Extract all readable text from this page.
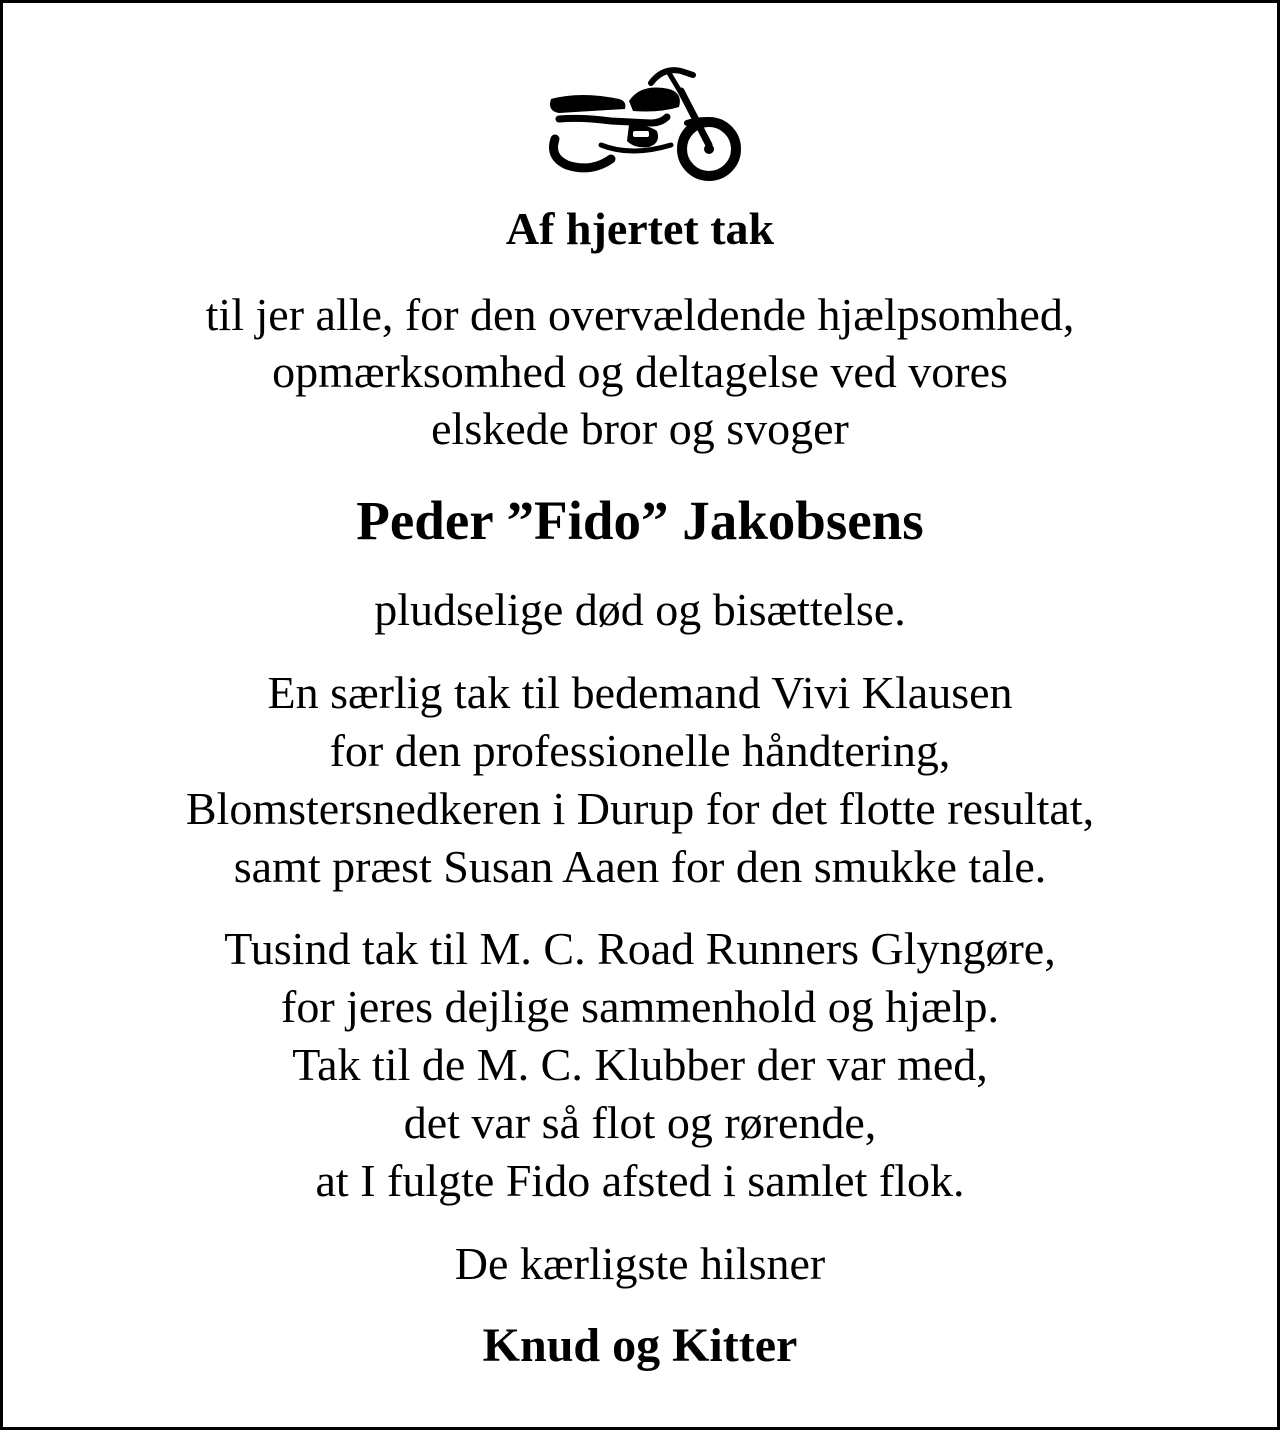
Af hjertet tak
til jer alle, for den overvældende hjælpsomhed,
opmærksomhed og deltagelse ved vores
elskede bror og svoger
Peder ”Fido” Jakobsens
pludselige død og bisættelse.
En særlig tak til bedemand Vivi Klausen
for den professionelle håndtering,
Blomstersnedkeren i Durup for det flotte resultat,
samt præst Susan Aaen for den smukke tale.
Tusind tak til M. C. Road Runners Glyngøre,
for jeres dejlige sammenhold og hjælp.
Tak til de M. C. Klubber der var med,
det var så flot og rørende,
at I fulgte Fido afsted i samlet flok.
De kærligste hilsner
Knud og Kitter
